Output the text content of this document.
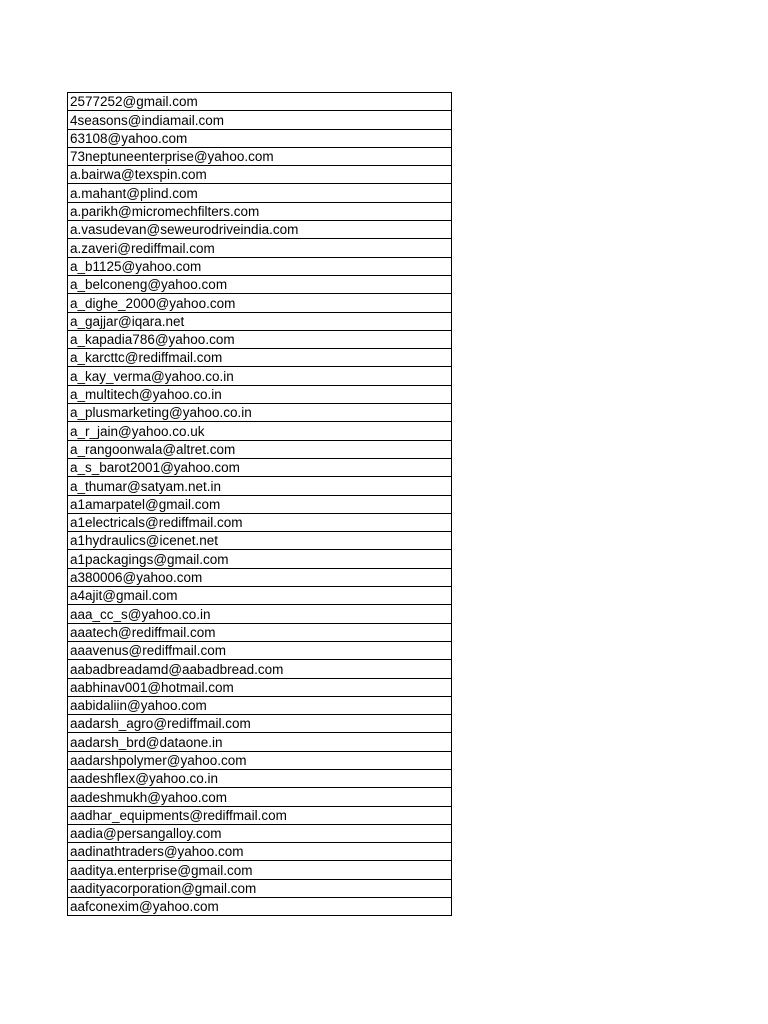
2577252@gmail.com
4seasons@indiamail.com
63108@yahoo.com
73neptuneenterprise@yahoo.com
a.bairwa@texspin.com
a.mahant@plind.com
a.parikh@micromechfilters.com
a.vasudevan@seweurodriveindia.com
a.zaveri@rediffmail.com
a_b1125@yahoo.com
a_belconeng@yahoo.com
a_dighe_2000@yahoo.com
a_gajjar@iqara.net
a_kapadia786@yahoo.com
a_karcttc@rediffmail.com
a_kay_verma@yahoo.co.in
a_multitech@yahoo.co.in
a_plusmarketing@yahoo.co.in
a_r_jain@yahoo.co.uk
a_rangoonwala@altret.com
a_s_barot2001@yahoo.com
a_thumar@satyam.net.in
a1amarpatel@gmail.com
a1electricals@rediffmail.com
a1hydraulics@icenet.net
a1packagings@gmail.com
a380006@yahoo.com
a4ajit@gmail.com
aaa_cc_s@yahoo.co.in
aaatech@rediffmail.com
aaavenus@rediffmail.com
aabadbreadamd@aabadbread.com
aabhinav001@hotmail.com
aabidaliin@yahoo.com
aadarsh_agro@rediffmail.com
aadarsh_brd@dataone.in
aadarshpolymer@yahoo.com
aadeshflex@yahoo.co.in
aadeshmukh@yahoo.com
aadhar_equipments@rediffmail.com
aadia@persangalloy.com
aadinathtraders@yahoo.com
aaditya.enterprise@gmail.com
aadityacorporation@gmail.com
aafconexim@yahoo.com
